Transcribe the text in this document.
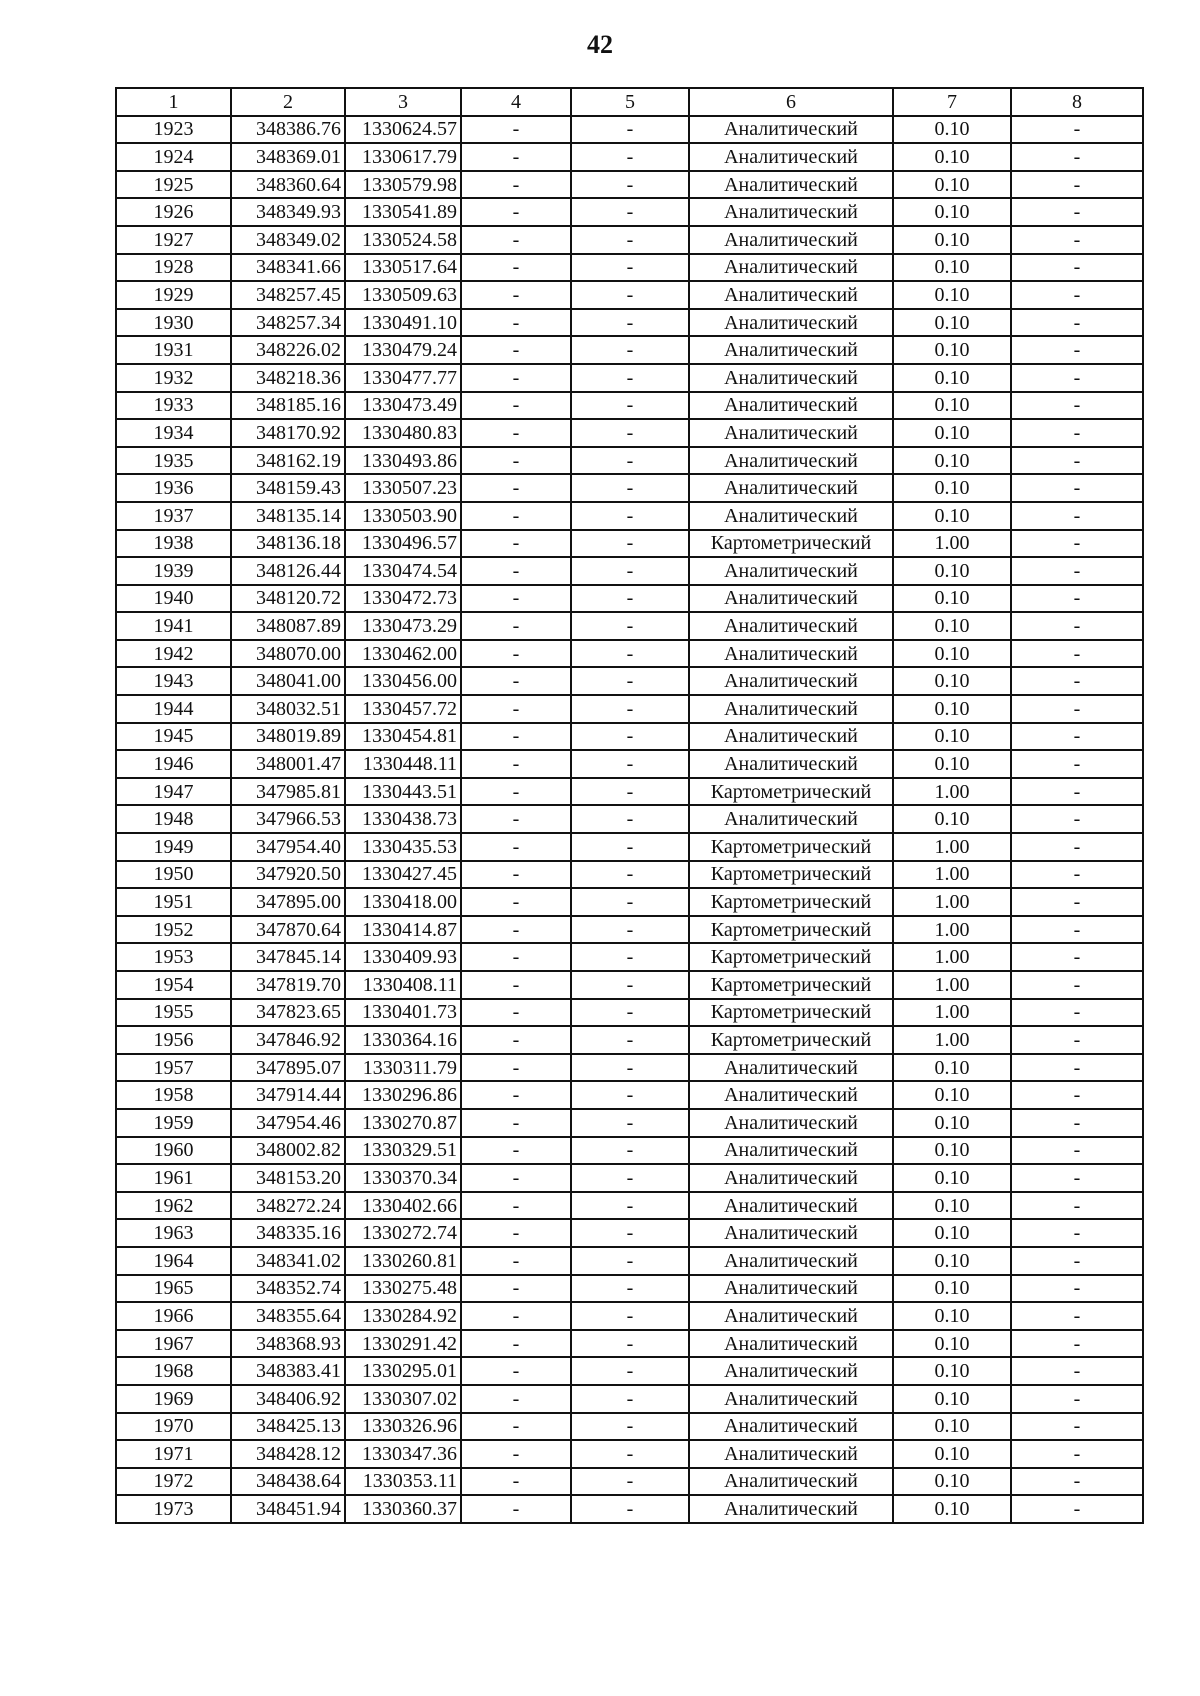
42
1	2	3	4	5	6	7	8
1923	348386.76	1330624.57	-	-	Аналитический	0.10	-
1924	348369.01	1330617.79	-	-	Аналитический	0.10	-
1925	348360.64	1330579.98	-	-	Аналитический	0.10	-
1926	348349.93	1330541.89	-	-	Аналитический	0.10	-
1927	348349.02	1330524.58	-	-	Аналитический	0.10	-
1928	348341.66	1330517.64	-	-	Аналитический	0.10	-
1929	348257.45	1330509.63	-	-	Аналитический	0.10	-
1930	348257.34	1330491.10	-	-	Аналитический	0.10	-
1931	348226.02	1330479.24	-	-	Аналитический	0.10	-
1932	348218.36	1330477.77	-	-	Аналитический	0.10	-
1933	348185.16	1330473.49	-	-	Аналитический	0.10	-
1934	348170.92	1330480.83	-	-	Аналитический	0.10	-
1935	348162.19	1330493.86	-	-	Аналитический	0.10	-
1936	348159.43	1330507.23	-	-	Аналитический	0.10	-
1937	348135.14	1330503.90	-	-	Аналитический	0.10	-
1938	348136.18	1330496.57	-	-	Картометрический	1.00	-
1939	348126.44	1330474.54	-	-	Аналитический	0.10	-
1940	348120.72	1330472.73	-	-	Аналитический	0.10	-
1941	348087.89	1330473.29	-	-	Аналитический	0.10	-
1942	348070.00	1330462.00	-	-	Аналитический	0.10	-
1943	348041.00	1330456.00	-	-	Аналитический	0.10	-
1944	348032.51	1330457.72	-	-	Аналитический	0.10	-
1945	348019.89	1330454.81	-	-	Аналитический	0.10	-
1946	348001.47	1330448.11	-	-	Аналитический	0.10	-
1947	347985.81	1330443.51	-	-	Картометрический	1.00	-
1948	347966.53	1330438.73	-	-	Аналитический	0.10	-
1949	347954.40	1330435.53	-	-	Картометрический	1.00	-
1950	347920.50	1330427.45	-	-	Картометрический	1.00	-
1951	347895.00	1330418.00	-	-	Картометрический	1.00	-
1952	347870.64	1330414.87	-	-	Картометрический	1.00	-
1953	347845.14	1330409.93	-	-	Картометрический	1.00	-
1954	347819.70	1330408.11	-	-	Картометрический	1.00	-
1955	347823.65	1330401.73	-	-	Картометрический	1.00	-
1956	347846.92	1330364.16	-	-	Картометрический	1.00	-
1957	347895.07	1330311.79	-	-	Аналитический	0.10	-
1958	347914.44	1330296.86	-	-	Аналитический	0.10	-
1959	347954.46	1330270.87	-	-	Аналитический	0.10	-
1960	348002.82	1330329.51	-	-	Аналитический	0.10	-
1961	348153.20	1330370.34	-	-	Аналитический	0.10	-
1962	348272.24	1330402.66	-	-	Аналитический	0.10	-
1963	348335.16	1330272.74	-	-	Аналитический	0.10	-
1964	348341.02	1330260.81	-	-	Аналитический	0.10	-
1965	348352.74	1330275.48	-	-	Аналитический	0.10	-
1966	348355.64	1330284.92	-	-	Аналитический	0.10	-
1967	348368.93	1330291.42	-	-	Аналитический	0.10	-
1968	348383.41	1330295.01	-	-	Аналитический	0.10	-
1969	348406.92	1330307.02	-	-	Аналитический	0.10	-
1970	348425.13	1330326.96	-	-	Аналитический	0.10	-
1971	348428.12	1330347.36	-	-	Аналитический	0.10	-
1972	348438.64	1330353.11	-	-	Аналитический	0.10	-
1973	348451.94	1330360.37	-	-	Аналитический	0.10	-
